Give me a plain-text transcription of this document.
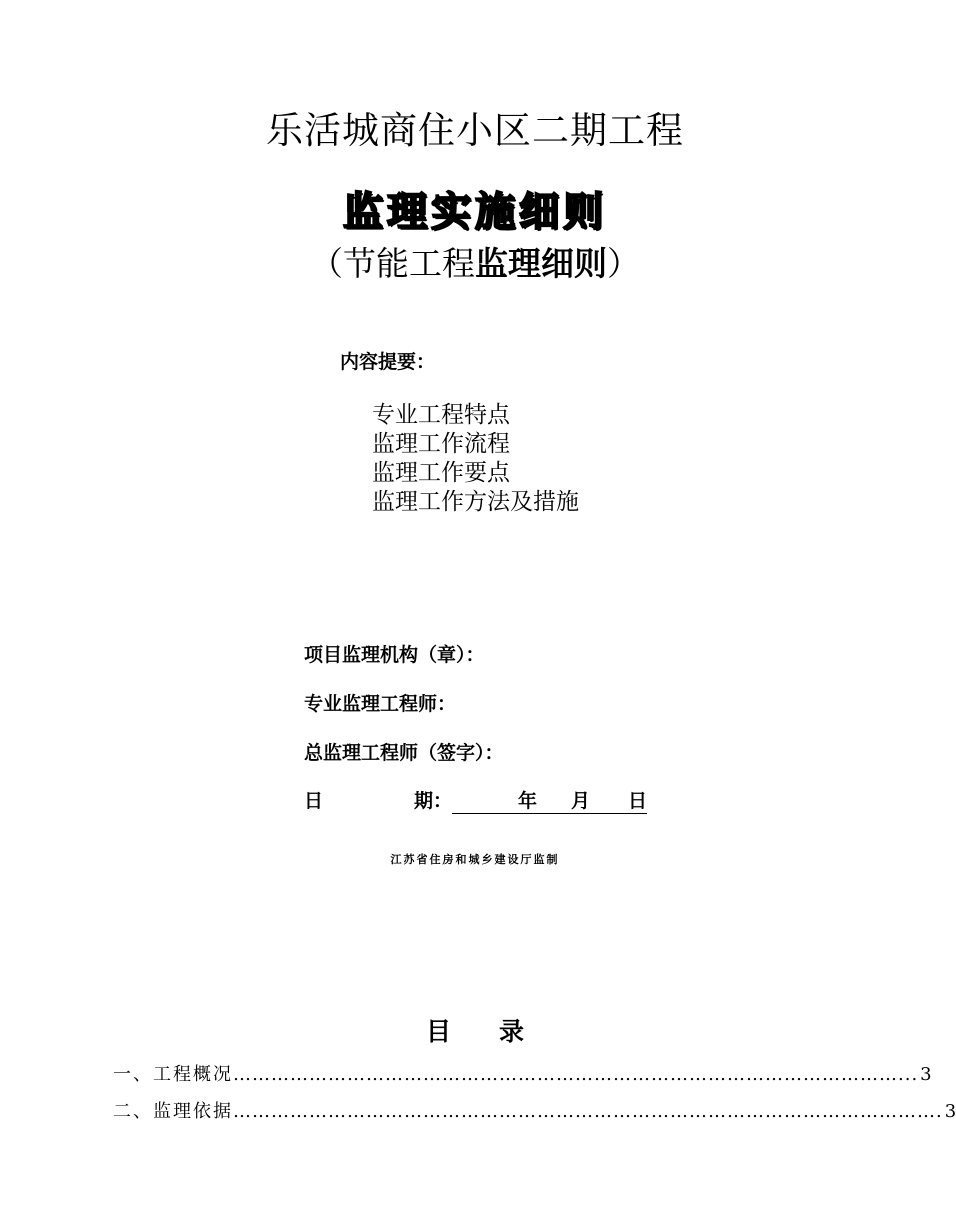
乐活城商住小区二期工程
监理实施细则
（节能工程监理细则）
内容提要：
专业工程特点
监理工作流程
监理工作要点
监理工作方法及措施
项目监理机构（章）：
专业监理工程师：
总监理工程师（签字）：
日	期：	年 月 日
江苏省住房和城乡建设厅监制
目录
一、工程概况 ……………………………………………………………………………………………... 3
二、监理依据 …………………………………………………………………………………………………. 3
